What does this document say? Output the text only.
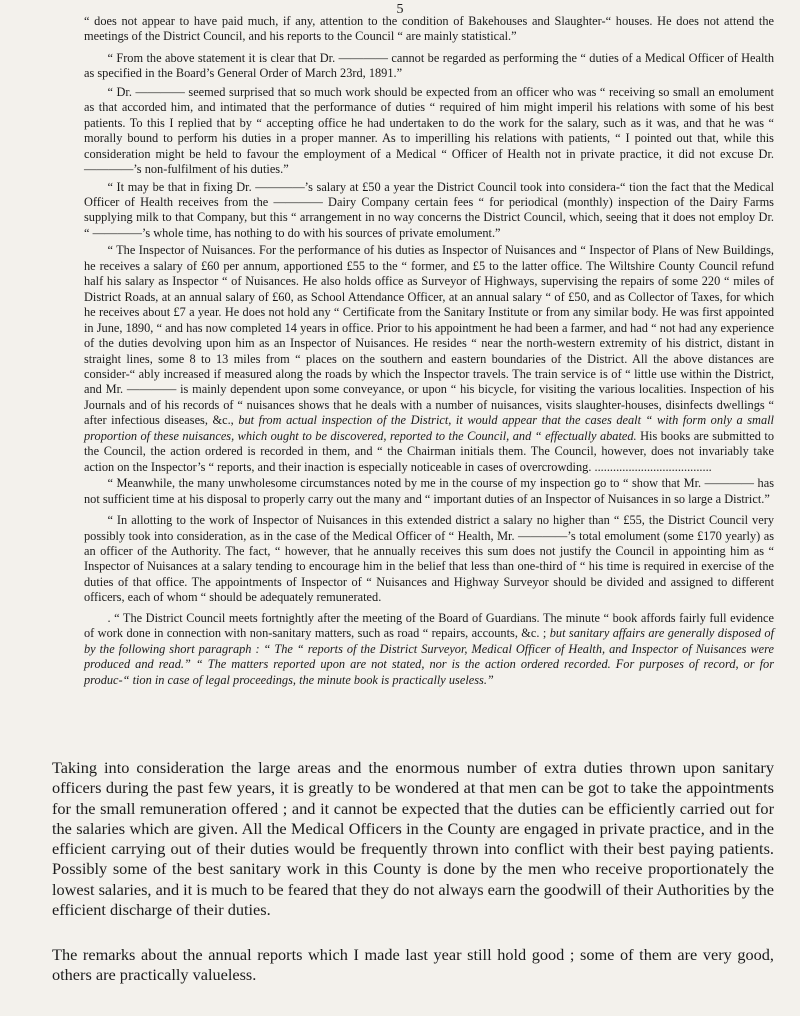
5

“ does not appear to have paid much, if any, attention to the condition of Bakehouses and Slaughter-“ houses. He does not attend the meetings of the District Council, and his reports to the Council “ are mainly statistical.”

“ From the above statement it is clear that Dr. ———— cannot be regarded as performing the “ duties of a Medical Officer of Health as specified in the Board’s General Order of March 23rd, 1891.”

“ Dr. ———— seemed surprised that so much work should be expected from an officer who was “ receiving so small an emolument as that accorded him, and intimated that the performance of duties “ required of him might imperil his relations with some of his best patients. To this I replied that by “ accepting office he had undertaken to do the work for the salary, such as it was, and that he was “ morally bound to perform his duties in a proper manner. As to imperilling his relations with patients, “ I pointed out that, while this consideration might be held to favour the employment of a Medical “ Officer of Health not in private practice, it did not excuse Dr. ————’s non-fulfilment of his duties.”

“ It may be that in fixing Dr. ————’s salary at £50 a year the District Council took into considera-“ tion the fact that the Medical Officer of Health receives from the ———— Dairy Company certain fees “ for periodical (monthly) inspection of the Dairy Farms supplying milk to that Company, but this “ arrangement in no way concerns the District Council, which, seeing that it does not employ Dr. “ ————’s whole time, has nothing to do with his sources of private emolument.”

“ The Inspector of Nuisances. For the performance of his duties as Inspector of Nuisances and “ Inspector of Plans of New Buildings, he receives a salary of £60 per annum, apportioned £55 to the “ former, and £5 to the latter office. The Wiltshire County Council refund half his salary as Inspector “ of Nuisances. He also holds office as Surveyor of Highways, supervising the repairs of some 220 “ miles of District Roads, at an annual salary of £60, as School Attendance Officer, at an annual salary “ of £50, and as Collector of Taxes, for which he receives about £7 a year. He does not hold any “ Certificate from the Sanitary Institute or from any similar body. He was first appointed in June, 1890, “ and has now completed 14 years in office. Prior to his appointment he had been a farmer, and had “ not had any experience of the duties devolving upon him as an Inspector of Nuisances. He resides “ near the north-western extremity of his district, distant in straight lines, some 8 to 13 miles from “ places on the southern and eastern boundaries of the District. All the above distances are consider-“ ably increased if measured along the roads by which the Inspector travels. The train service is of “ little use within the District, and Mr. ———— is mainly dependent upon some conveyance, or upon “ his bicycle, for visiting the various localities. Inspection of his Journals and of his records of “ nuisances shows that he deals with a number of nuisances, visits slaughter-houses, disinfects dwellings “ after infectious diseases, &c., but from actual inspection of the District, it would appear that the cases dealt “ with form only a small proportion of these nuisances, which ought to be discovered, reported to the Council, and “ effectually abated. His books are submitted to the Council, the action ordered is recorded in them, and “ the Chairman initials them. The Council, however, does not invariably take action on the Inspector’s “ reports, and their inaction is especially noticeable in cases of overcrowding. ......................................

“ Meanwhile, the many unwholesome circumstances noted by me in the course of my inspection go to “ show that Mr. ———— has not sufficient time at his disposal to properly carry out the many and “ important duties of an Inspector of Nuisances in so large a District.”

“ In allotting to the work of Inspector of Nuisances in this extended district a salary no higher than “ £55, the District Council very possibly took into consideration, as in the case of the Medical Officer of “ Health, Mr. ————’s total emolument (some £170 yearly) as an officer of the Authority. The fact, “ however, that he annually receives this sum does not justify the Council in appointing him as “ Inspector of Nuisances at a salary tending to encourage him in the belief that less than one-third of “ his time is required in exercise of the duties of that office. The appointments of Inspector of “ Nuisances and Highway Surveyor should be divided and assigned to different officers, each of whom “ should be adequately remunerated.

. “ The District Council meets fortnightly after the meeting of the Board of Guardians. The minute “ book affords fairly full evidence of work done in connection with non-sanitary matters, such as road “ repairs, accounts, &c. ; but sanitary affairs are generally disposed of by the following short paragraph : “ The “ reports of the District Surveyor, Medical Officer of Health, and Inspector of Nuisances were produced and read.” “ The matters reported upon are not stated, nor is the action ordered recorded. For purposes of record, or for produc-“ tion in case of legal proceedings, the minute book is practically useless.”

Taking into consideration the large areas and the enormous number of extra duties thrown upon sanitary officers during the past few years, it is greatly to be wondered at that men can be got to take the appointments for the small remuneration offered ; and it cannot be expected that the duties can be efficiently carried out for the salaries which are given. All the Medical Officers in the County are engaged in private practice, and in the efficient carrying out of their duties would be frequently thrown into conflict with their best paying patients. Possibly some of the best sanitary work in this County is done by the men who receive proportionately the lowest salaries, and it is much to be feared that they do not always earn the goodwill of their Authorities by the efficient discharge of their duties.

The remarks about the annual reports which I made last year still hold good ; some of them are very good, others are practically valueless.
